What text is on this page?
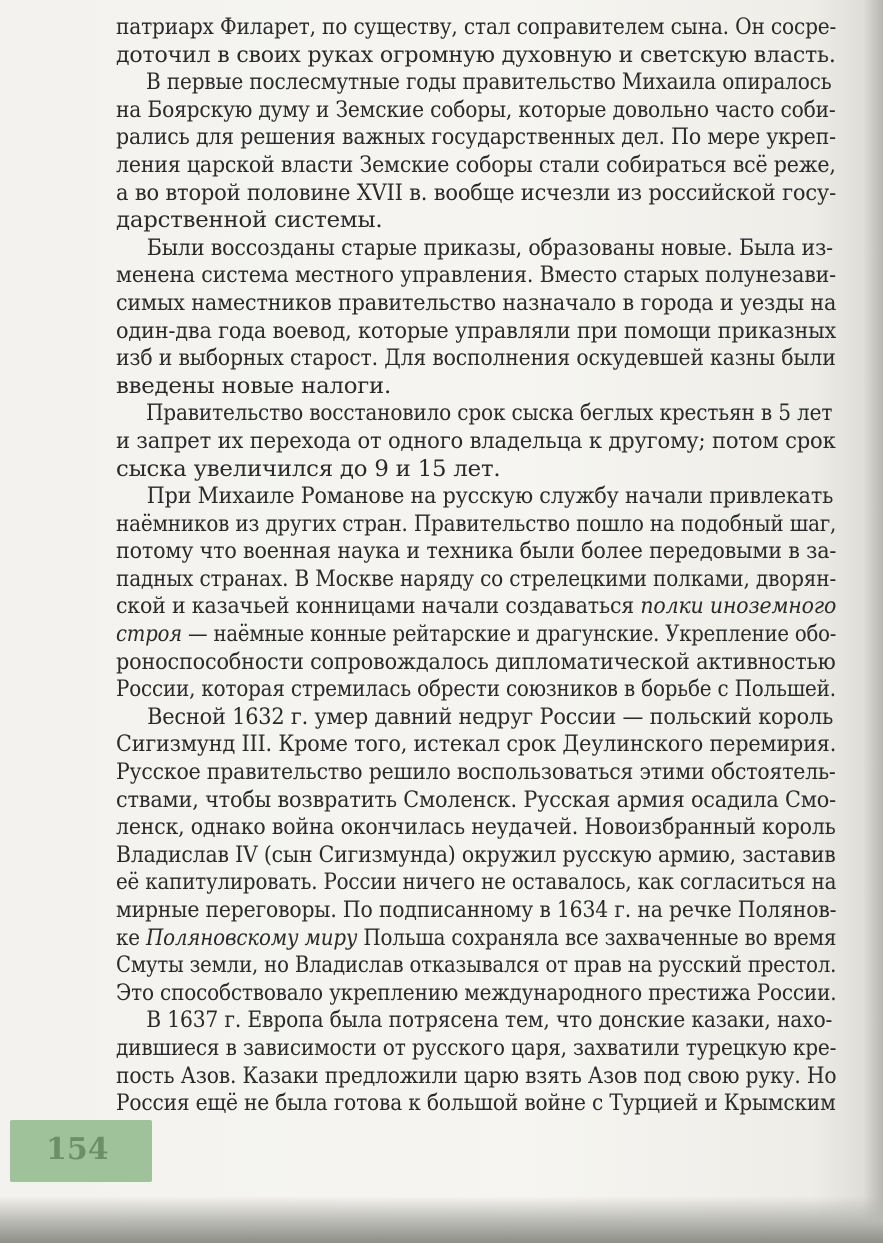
патриарх Филарет, по существу, стал соправителем сына. Он сосре-
доточил в своих руках огромную духовную и светскую власть.
В первые послесмутные годы правительство Михаила опиралось
на Боярскую думу и Земские соборы, которые довольно часто соби-
рались для решения важных государственных дел. По мере укреп-
ления царской власти Земские соборы стали собираться всё реже,
а во второй половине XVII в. вообще исчезли из российской госу-
дарственной системы.
Были воссозданы старые приказы, образованы новые. Была из-
менена система местного управления. Вместо старых полунезави-
симых наместников правительство назначало в города и уезды на
один-два года воевод, которые управляли при помощи приказных
изб и выборных старост. Для восполнения оскудевшей казны были
введены новые налоги.
Правительство восстановило срок сыска беглых крестьян в 5 лет
и запрет их перехода от одного владельца к другому; потом срок
сыска увеличился до 9 и 15 лет.
При Михаиле Романове на русскую службу начали привлекать
наёмников из других стран. Правительство пошло на подобный шаг,
потому что военная наука и техника были более передовыми в за-
падных странах. В Москве наряду со стрелецкими полками, дворян-
ской и казачьей конницами начали создаваться полки иноземного
строя — наёмные конные рейтарские и драгунские. Укрепление обо-
роноспособности сопровождалось дипломатической активностью
России, которая стремилась обрести союзников в борьбе с Польшей.
Весной 1632 г. умер давний недруг России — польский король
Сигизмунд III. Кроме того, истекал срок Деулинского перемирия.
Русское правительство решило воспользоваться этими обстоятель-
ствами, чтобы возвратить Смоленск. Русская армия осадила Смо-
ленск, однако война окончилась неудачей. Новоизбранный король
Владислав IV (сын Сигизмунда) окружил русскую армию, заставив
её капитулировать. России ничего не оставалось, как согласиться на
мирные переговоры. По подписанному в 1634 г. на речке Полянов-
ке Поляновскому миру Польша сохраняла все захваченные во время
Смуты земли, но Владислав отказывался от прав на русский престол.
Это способствовало укреплению международного престижа России.
В 1637 г. Европа была потрясена тем, что донские казаки, нахо-
дившиеся в зависимости от русского царя, захватили турецкую кре-
пость Азов. Казаки предложили царю взять Азов под свою руку. Но
Россия ещё не была готова к большой войне с Турцией и Крымским
154
